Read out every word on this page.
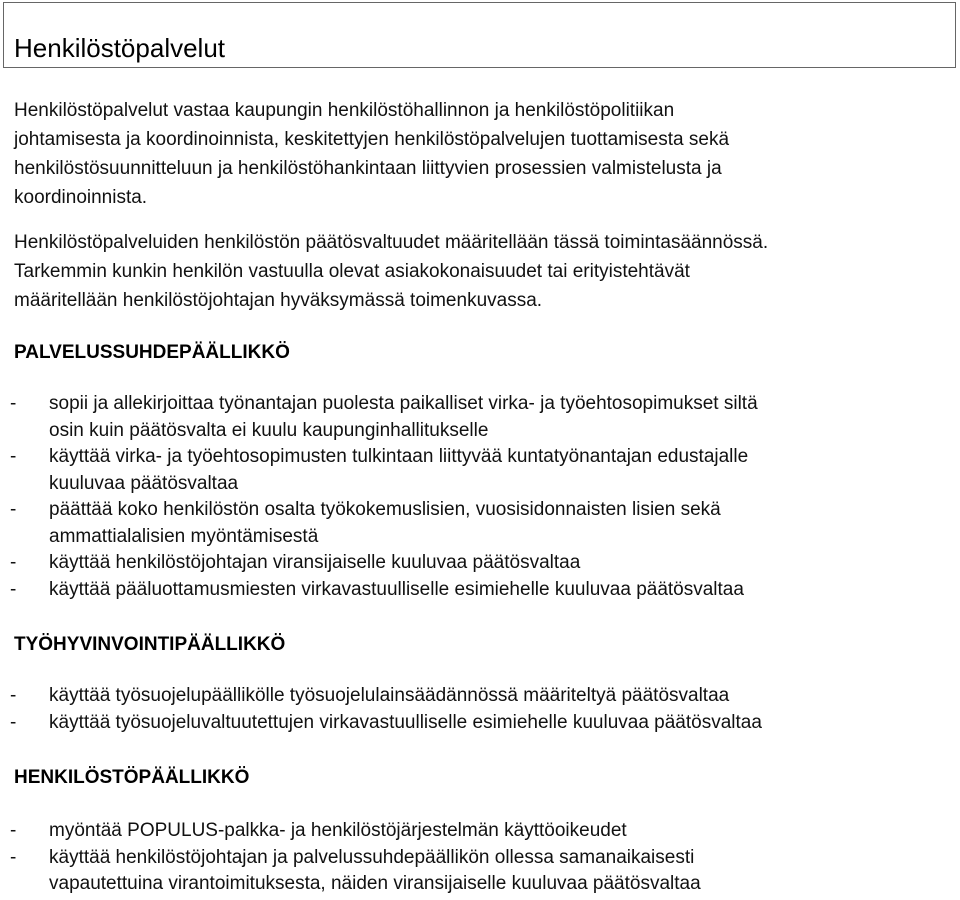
Henkilöstöpalvelut

Henkilöstöpalvelut vastaa kaupungin henkilöstöhallinnon ja henkilöstöpolitiikan
johtamisesta ja koordinoinnista, keskitettyjen henkilöstöpalvelujen tuottamisesta sekä
henkilöstösuunnitteluun ja henkilöstöhankintaan liittyvien prosessien valmistelusta ja
koordinoinnista.

Henkilöstöpalveluiden henkilöstön päätösvaltuudet määritellään tässä toimintasäännössä.
Tarkemmin kunkin henkilön vastuulla olevat asiakokonaisuudet tai erityistehtävät
määritellään henkilöstöjohtajan hyväksymässä toimenkuvassa.

PALVELUSSUHDEPÄÄLLIKKÖ
- sopii ja allekirjoittaa työnantajan puolesta paikalliset virka- ja työehtosopimukset siltä
osin kuin päätösvalta ei kuulu kaupunginhallitukselle
- käyttää virka- ja työehtosopimusten tulkintaan liittyvää kuntatyönantajan edustajalle
kuuluvaa päätösvaltaa
- päättää koko henkilöstön osalta työkokemuslisien, vuosisidonnaisten lisien sekä
ammattialalisien myöntämisestä
- käyttää henkilöstöjohtajan viransijaiselle kuuluvaa päätösvaltaa
- käyttää pääluottamusmiesten virkavastuulliselle esimiehelle kuuluvaa päätösvaltaa
TYÖHYVINVOINTIPÄÄLLIKKÖ
- käyttää työsuojelupäällikölle työsuojelulainsäädännössä määriteltyä päätösvaltaa
- käyttää työsuojeluvaltuutettujen virkavastuulliselle esimiehelle kuuluvaa päätösvaltaa
HENKILÖSTÖPÄÄLLIKKÖ
- myöntää POPULUS-palkka- ja henkilöstöjärjestelmän käyttöoikeudet
- käyttää henkilöstöjohtajan ja palvelussuhdepäällikön ollessa samanaikaisesti
vapautettuina virantoimituksesta, näiden viransijaiselle kuuluvaa päätösvaltaa
